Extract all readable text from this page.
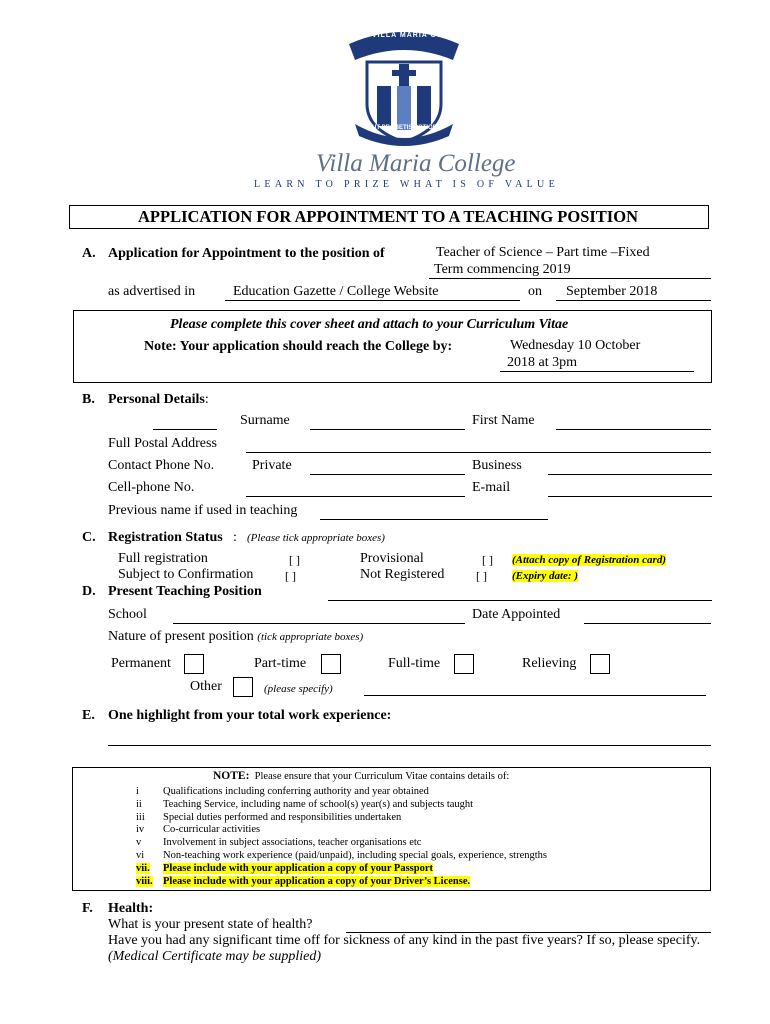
VILLA MARIA COLLEGE
MERCY
UT PROBETIS POTIORA
Villa Maria College
LEARN TO PRIZE WHAT IS OF VALUE
APPLICATION FOR APPOINTMENT TO A TEACHING POSITION
A. Application for Appointment to the position of	Teacher of Science – Part time –Fixed
Term commencing 2019
as advertised in	Education Gazette / College Website	on September 2018
Please complete this cover sheet and attach to your Curriculum Vitae
Note: Your application should reach the College by:	Wednesday 10 October
2018 at 3pm
B. Personal Details:
Surname	First Name
Full Postal Address
Contact Phone No.	Private	Business
Cell-phone No.	E-mail
Previous name if used in teaching
C. Registration Status : (Please tick appropriate boxes)
Full registration	[ ]	Provisional	[ ] (Attach copy of Registration card)
Subject to Confirmation	[ ]	Not Registered	[ ] (Expiry date: )
D. Present Teaching Position
School	Date Appointed
Nature of present position (tick appropriate boxes)
Permanent	Part-time	Full-time	Relieving
Other	(please specify)
E. One highlight from your total work experience:
NOTE: Please ensure that your Curriculum Vitae contains details of:
i Qualifications including conferring authority and year obtained
ii Teaching Service, including name of school(s) year(s) and subjects taught
iii Special duties performed and responsibilities undertaken
iv Co-curricular activities
v Involvement in subject associations, teacher organisations etc
vi Non-teaching work experience (paid/unpaid), including special goals, experience, strengths
vii. Please include with your application a copy of your Passport
viii. Please include with your application a copy of your Driver’s License.
F. Health:
What is your present state of health?
Have you had any significant time off for sickness of any kind in the past five years? If so, please specify.
(Medical Certificate may be supplied)
